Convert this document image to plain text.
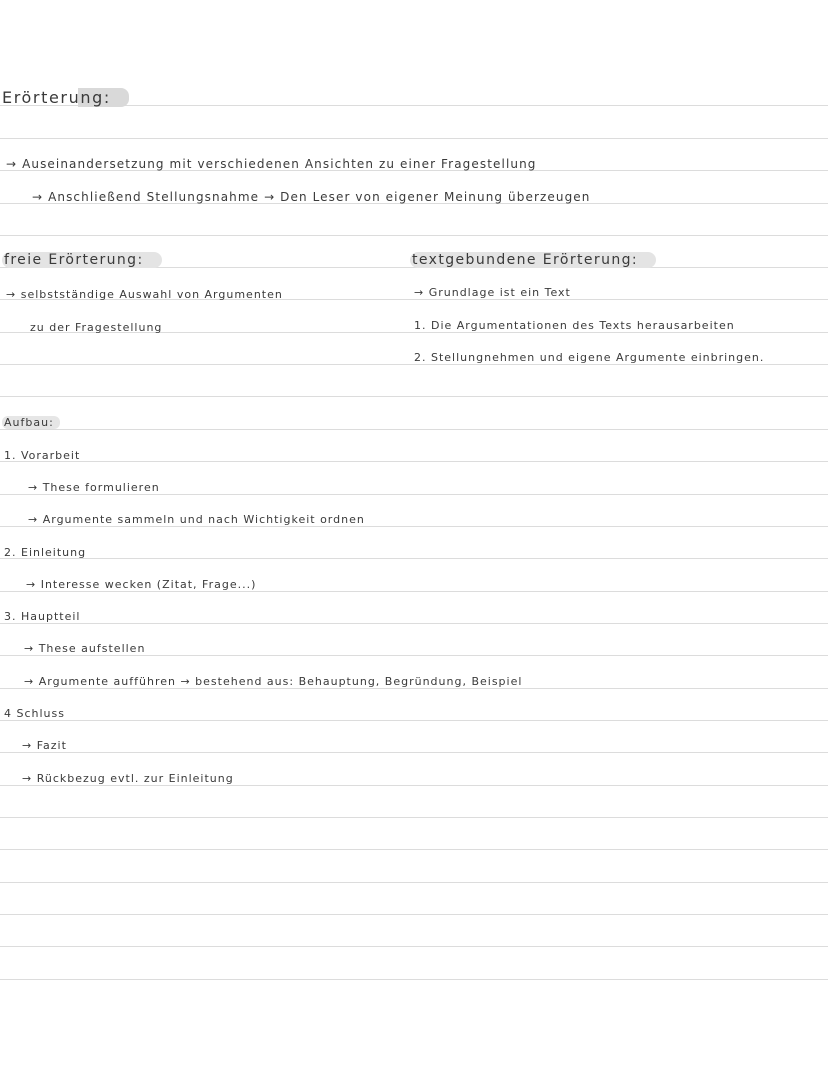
Erörterung:
→ Auseinandersetzung mit verschiedenen Ansichten zu einer Fragestellung
→ Anschließend Stellungsnahme → Den Leser von eigener Meinung überzeugen
freie Erörterung:
→ selbstständige Auswahl von Argumenten
zu der Fragestellung
textgebundene Erörterung:
→ Grundlage ist ein Text
1. Die Argumentationen des Texts herausarbeiten
2. Stellungnehmen und eigene Argumente einbringen.
Aufbau:
1. Vorarbeit
→ These formulieren
→ Argumente sammeln und nach Wichtigkeit ordnen
2. Einleitung
→ Interesse wecken (Zitat, Frage...)
3. Hauptteil
→ These aufstellen
→ Argumente aufführen → bestehend aus: Behauptung, Begründung, Beispiel
4 Schluss
→ Fazit
→ Rückbezug evtl. zur Einleitung
